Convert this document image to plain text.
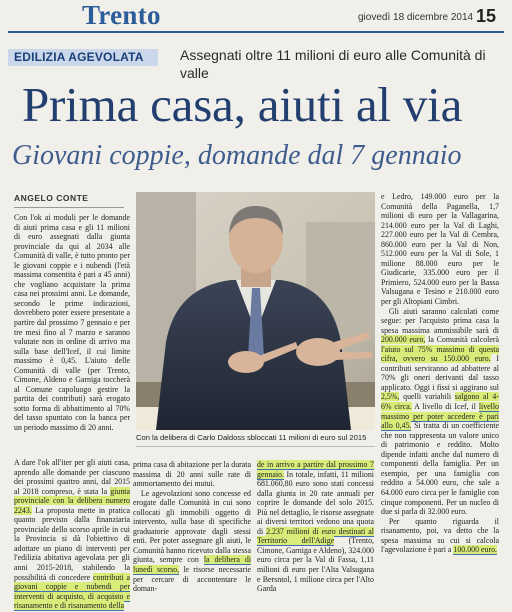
Trento	giovedì 18 dicembre 2014 15
EDILIZIA AGEVOLATA	Assegnati oltre 11 milioni di euro alle Comunità di valle
Prima casa, aiuti al via
Giovani coppie, domande dal 7 gennaio
ANGELO CONTE

Con l'ok ai moduli per le domande di aiuti prima casa e gli 11 milioni di euro assegnati dalla giunta provinciale da qui al 2034 alle Comunità di valle, è tutto pronto per le giovani coppie e i nubendi (l'età massima consentita è pari a 45 anni) che vogliano acquistare la prima casa nei prossimi anni. Le domande, secondo le prime indicazioni, dovrebbero poter essere presentate a partire dal prossimo 7 gennaio e per tre mesi fino al 7 marzo e saranno valutate non in ordine di arrivo ma sulla base dell'Icef, il cui limite massimo è 0,45. L'aiuto delle Comunità di valle (per Trento, Cimone, Aldeno e Garniga toccherà al Comune capoluogo gestire la partita dei contributi) sarà erogato sotto forma di abbattimento al 70% del tasso spuntato con la banca per un periodo massimo di 20 anni.

A dare l'ok all'iter per gli aiuti casa, aprendo alle domande per ciascuno dei prossimi quattro anni, dal 2015 al 2018 compreso, è stata la giunta provinciale con la delibera numero 2243. La proposta mette in pratica quanto previsto dalla finanziaria provinciale dello scorso aprile in cui la Provincia si dà l'obiettivo di adottare un piano di interventi per l'edilizia abitativa agevolata per gli anni 2015-2018, stabilendo la possibilità di concedere contributi a giovani coppie e nubendi per interventi di acquisto, di acquisto e risanamento e di risanamento della

Con la delibera di Carlo Daldoss sbloccati 11 milioni di euro sul 2015

prima casa di abitazione per la durata massima di 20 anni sulle rate di ammortamento dei mutui.

 Le agevolazioni sono concesse ed erogate dalle Comunità in cui sono collocati gli immobili oggetto di intervento, sulla base di specifiche graduatorie approvate dagli stessi enti. Per poter assegnare gli aiuti, le Comunità hanno ricevuto dalla stessa giunta, sempre con la delibera di lunedì scorso, le risorse necessarie per cercare di accontentare le doman-

de in arrivo a partire dal prossimo 7 gennaio. In totale, infatti, 11 milioni 681.060,80 euro sono stati concessi dalla giunta in 20 rate annuali per coprire le domande del solo 2015. Più nel dettaglio, le risorse assegnate ai diversi territori vedono una quota di 2.237 milioni di euro destinati al Territorio dell'Adige (Trento, Cimone, Garniga e Aldeno), 324.000 euro circa per la Val di Fassa, 1,11 milioni di euro per l'Alta Valsugana e Bersntol, 1 milione circa per l'Alto Garda

e Ledro, 149.000 euro per la Comunità della Paganella, 1,7 milioni di euro per la Vallagarina, 214.000 euro per la Val di Laghi, 227.000 euro per la Val di Cembra, 860.000 euro per la Val di Non, 512.000 euro per la Val di Sole, 1 milione 88.000 euro per le Giudicarie, 335.000 euro per il Primiero, 524.000 euro per la Bassa Valsugana e Tesino e 210.000 euro per gli Altopiani Cimbri.

 Gli aiuti saranno calcolati come segue: per l'acquisto prima casa la spesa massima ammissibile sarà di 200.000 euro, la Comunità calcolerà l'aiuto sul 75% massimo di questa cifra, ovvero su 150.000 euro. I contributi serviranno ad abbattere al 70% gli oneri derivanti dal tasso applicato. Oggi i fissi si aggirano sul 2,5%, quelli variabili salgono al 4-6% circa. A livello di Icef, il livello massimo per poter accedere è pari allo 0,45. Si tratta di un coefficiente che non rappresenta un valore unico di patrimonio e reddito. Molto dipende infatti anche dal numero di componenti della famiglia. Per un esempio, per una famiglia con reddito a 54.000 euro, che sale a 64.000 euro circa per le famiglie con cinque componenti. Per un nucleo di due si parla di 32.000 euro.

 Per quanto riguarda il risanamento, poi, va detto che la spesa massima su cui si calcola l'agevolazione è pari a 100.000 euro.
